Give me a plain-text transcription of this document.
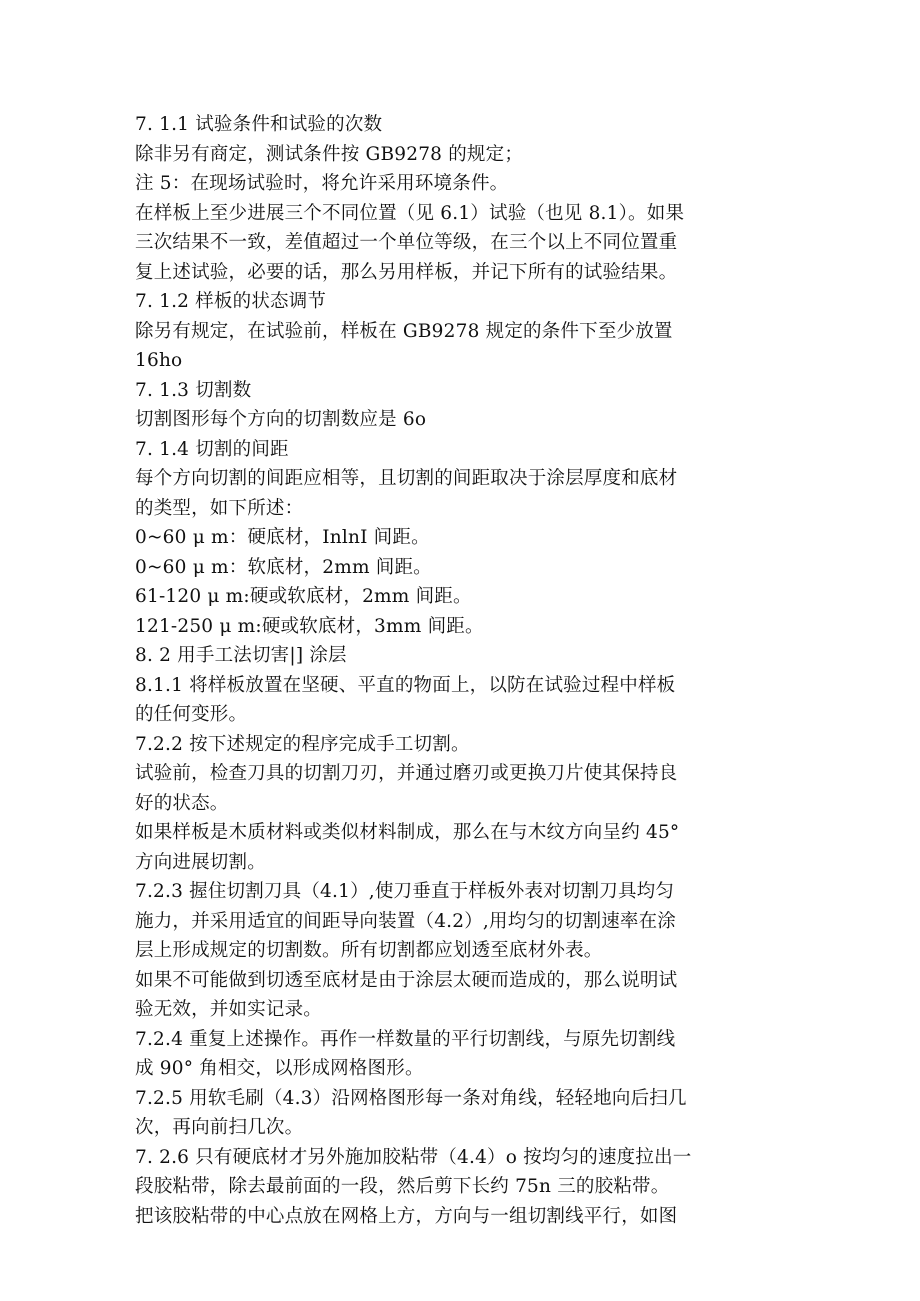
7. 1.1 试验条件和试验的次数
除非另有商定，测试条件按 GB9278 的规定；
注 5：在现场试验时，将允许采用环境条件。
在样板上至少进展三个不同位置（见 6.1）试验（也见 8.1）。如果
三次结果不一致，差值超过一个单位等级，在三个以上不同位置重
复上述试验，必要的话，那么另用样板，并记下所有的试验结果。
7. 1.2 样板的状态调节
除另有规定，在试验前，样板在 GB9278 规定的条件下至少放置
16ho
7. 1.3 切割数
切割图形每个方向的切割数应是 6o
7. 1.4 切割的间距
每个方向切割的间距应相等，且切割的间距取决于涂层厚度和底材
的类型，如下所述：
0~60 μ m：硬底材，InlnI 间距。
0~60 μ m：软底材，2mm 间距。
61-120 μ m:硬或软底材，2mm 间距。
121-250 μ m:硬或软底材，3mm 间距。
8. 2 用手工法切害|] 涂层
8.1.1 将样板放置在坚硬、平直的物面上，以防在试验过程中样板
的任何变形。
7.2.2 按下述规定的程序完成手工切割。
试验前，检查刀具的切割刀刃，并通过磨刃或更换刀片使其保持良
好的状态。
如果样板是木质材料或类似材料制成，那么在与木纹方向呈约 45°
方向进展切割。
7.2.3 握住切割刀具（4.1）,使刀垂直于样板外表对切割刀具均匀
施力，并采用适宜的间距导向装置（4.2）,用均匀的切割速率在涂
层上形成规定的切割数。所有切割都应划透至底材外表。
如果不可能做到切透至底材是由于涂层太硬而造成的，那么说明试
验无效，并如实记录。
7.2.4 重复上述操作。再作一样数量的平行切割线，与原先切割线
成 90° 角相交，以形成网格图形。
7.2.5 用软毛刷（4.3）沿网格图形每一条对角线，轻轻地向后扫几
次，再向前扫几次。
7. 2.6 只有硬底材才另外施加胶粘带（4.4）o 按均匀的速度拉出一
段胶粘带，除去最前面的一段，然后剪下长约 75n 三的胶粘带。
把该胶粘带的中心点放在网格上方，方向与一组切割线平行，如图
